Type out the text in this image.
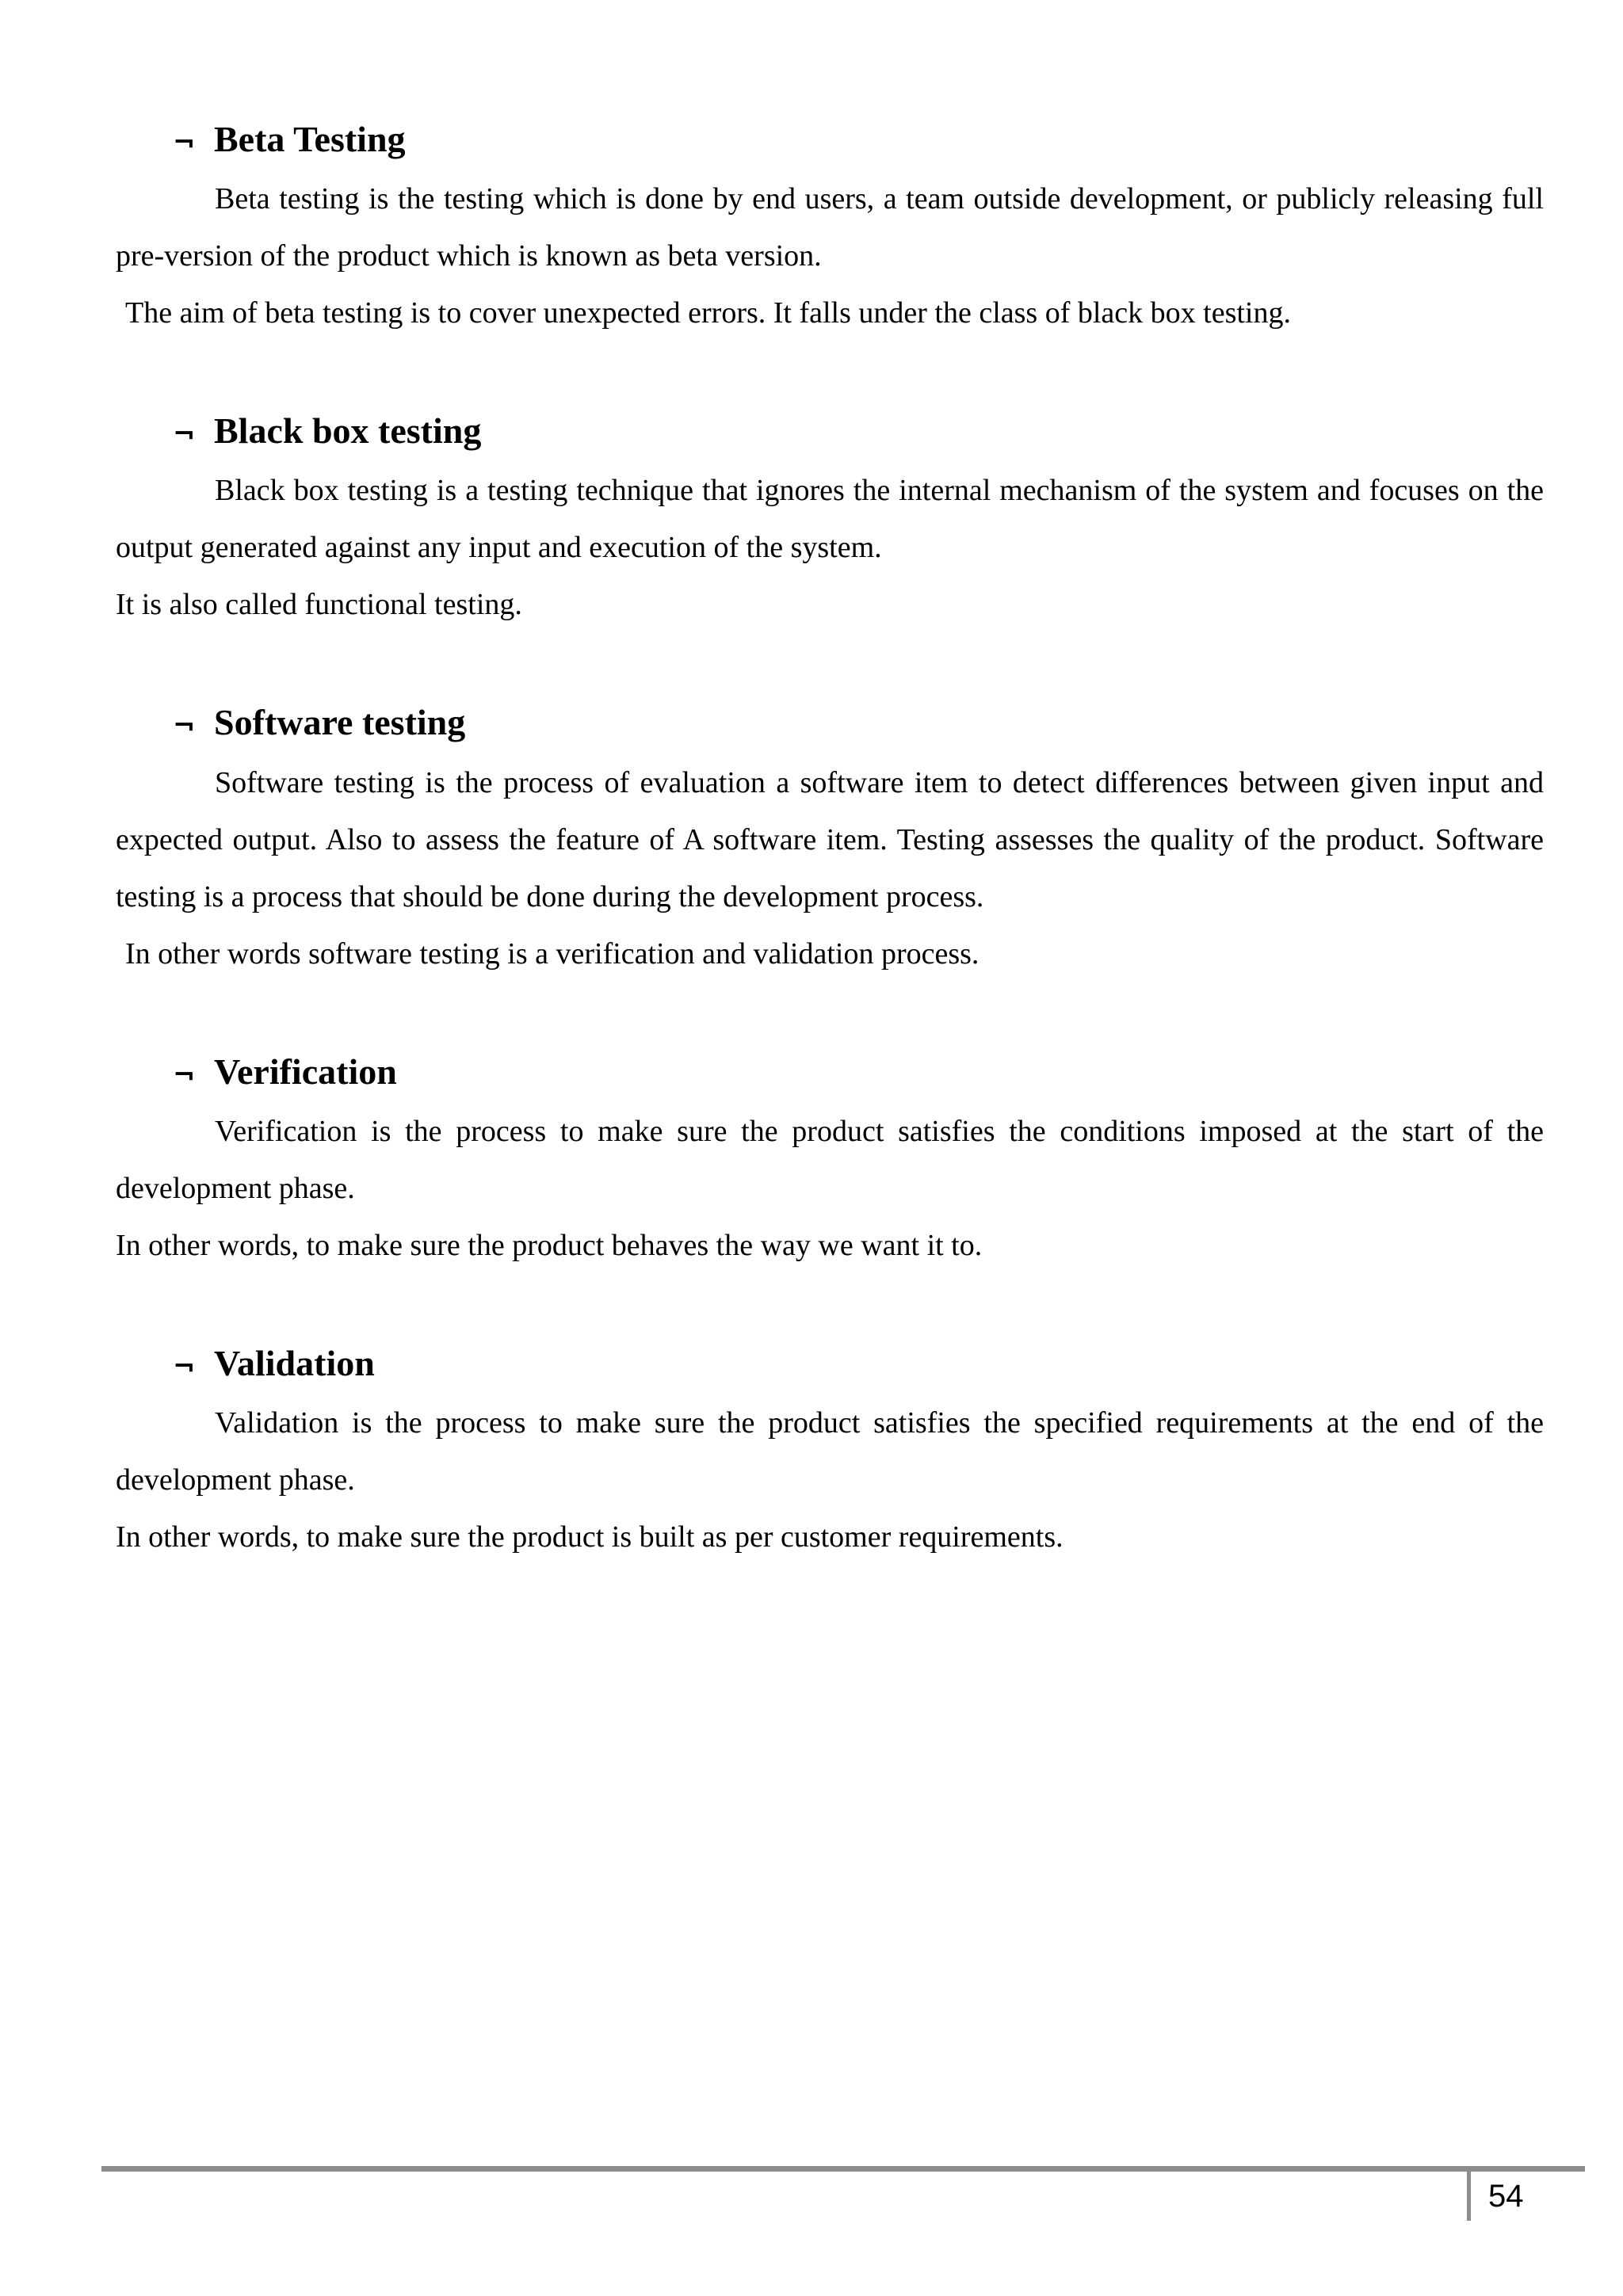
¬ Beta Testing

Beta testing is the testing which is done by end users, a team outside development, or publicly releasing full pre-version of the product which is known as beta version.

The aim of beta testing is to cover unexpected errors. It falls under the class of black box testing.

¬ Black box testing

Black box testing is a testing technique that ignores the internal mechanism of the system and focuses on the output generated against any input and execution of the system.

It is also called functional testing.

¬ Software testing

Software testing is the process of evaluation a software item to detect differences between given input and expected output. Also to assess the feature of A software item. Testing assesses the quality of the product. Software testing is a process that should be done during the development process.

In other words software testing is a verification and validation process.

¬ Verification

Verification is the process to make sure the product satisfies the conditions imposed at the start of the development phase.

In other words, to make sure the product behaves the way we want it to.

¬ Validation

Validation is the process to make sure the product satisfies the specified requirements at the end of the development phase.

In other words, to make sure the product is built as per customer requirements.

54
